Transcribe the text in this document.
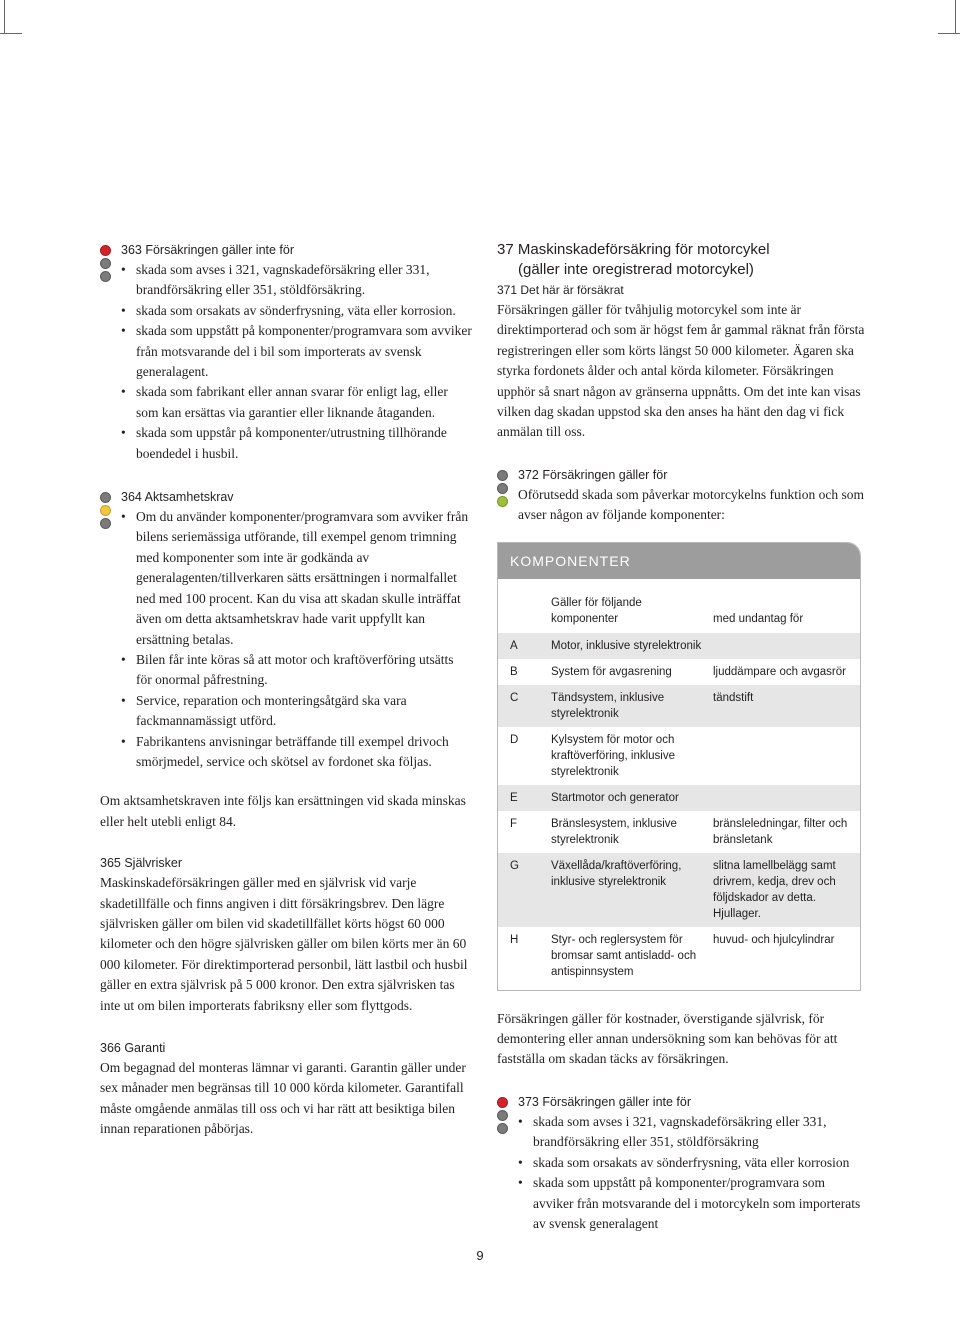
363 Försäkringen gäller inte för
• skada som avses i 321, vagnskadeförsäkring eller 331, brandförsäkring eller 351, stöldförsäkring.
• skada som orsakats av sönderfrysning, väta eller korrosion.
• skada som uppstått på komponenter/programvara som avviker från motsvarande del i bil som importerats av svensk generalagent.
• skada som fabrikant eller annan svarar för enligt lag, eller som kan ersättas via garantier eller liknande åtaganden.
• skada som uppstår på komponenter/utrustning tillhörande boendedel i husbil.
364 Aktsamhetskrav
• Om du använder komponenter/programvara som avviker från bilens seriemässiga utförande, till exempel genom trimning med komponenter som inte är godkända av generalagenten/tillverkaren sätts ersättningen i normalfallet ned med 100 procent. Kan du visa att skadan skulle inträffat även om detta aktsamhetskrav hade varit uppfyllt kan ersättning betalas.
• Bilen får inte köras så att motor och kraftöverföring utsätts för onormal påfrestning.
• Service, reparation och monteringsåtgärd ska vara fackmannamässigt utförd.
• Fabrikantens anvisningar beträffande till exempel drivoch smörjmedel, service och skötsel av fordonet ska följas.

Om aktsamhetskraven inte följs kan ersättningen vid skada minskas eller helt utebli enligt 84.

365 Självrisker

Maskinskadeförsäkringen gäller med en självrisk vid varje skadetillfälle och finns angiven i ditt försäkringsbrev. Den lägre självrisken gäller om bilen vid skadetillfället körts högst 60 000 kilometer och den högre självrisken gäller om bilen körts mer än 60 000 kilometer. För direktimporterad personbil, lätt lastbil och husbil gäller en extra självrisk på 5 000 kronor. Den extra självrisken tas inte ut om bilen importerats fabriksny eller som flyttgods.

366 Garanti

Om begagnad del monteras lämnar vi garanti. Garantin gäller under sex månader men begränsas till 10 000 körda kilometer. Garantifall måste omgående anmälas till oss och vi har rätt att besiktiga bilen innan reparationen påbörjas.

37 Maskinskadeförsäkring för motorcykel
(gäller inte oregistrerad motorcykel)
371 Det här är försäkrat

Försäkringen gäller för tvåhjulig motorcykel som inte är direktimporterad och som är högst fem år gammal räknat från första registreringen eller som körts längst 50 000 kilometer. Ägaren ska styrka fordonets ålder och antal körda kilometer. Försäkringen upphör så snart någon av gränserna uppnåtts. Om det inte kan visas vilken dag skadan uppstod ska den anses ha hänt den dag vi fick anmälan till oss.

372 Försäkringen gäller för

Oförutsedd skada som påverkar motorcykelns funktion och som avser någon av följande komponenter:

KOMPONENTER
	Gäller för följande komponenter	med undantag för
A	Motor, inklusive styrelektronik	
B	System för avgasrening	ljuddämpare och avgasrör
C	Tändsystem, inklusive styrelektronik	tändstift
D	Kylsystem för motor och kraftöverföring, inklusive styrelektronik	
E	Startmotor och generator	
F	Bränslesystem, inklusive styrelektronik	bränsleledningar, filter och bränsletank
G	Växellåda/kraftöverföring, inklusive styrelektronik	slitna lamellbelägg samt drivrem, kedja, drev och följdskador av detta. Hjullager.
H	Styr- och reglersystem för bromsar samt antisladd- och antispinnsystem	huvud- och hjulcylindrar

Försäkringen gäller för kostnader, överstigande självrisk, för demontering eller annan undersökning som kan behövas för att fastställa om skadan täcks av försäkringen.

373 Försäkringen gäller inte för
• skada som avses i 321, vagnskadeförsäkring eller 331, brandförsäkring eller 351, stöldförsäkring
• skada som orsakats av sönderfrysning, väta eller korrosion
• skada som uppstått på komponenter/programvara som avviker från motsvarande del i motorcykeln som importerats av svensk generalagent
9
